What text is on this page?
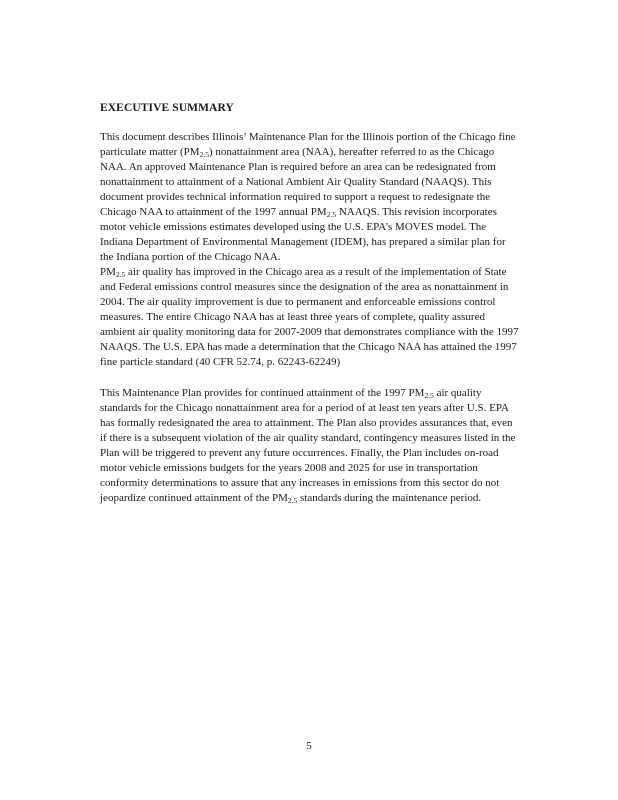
EXECUTIVE SUMMARY

This document describes Illinois’ Maintenance Plan for the Illinois portion of the Chicago fine particulate matter $(PM_{2.5})$ nonattainment area (NAA), hereafter referred to as the Chicago NAA. An approved Maintenance Plan is required before an area can be redesignated from nonattainment to attainment of a National Ambient Air Quality Standard (NAAQS). This document provides technical information required to support a request to redesignate the Chicago NAA to attainment of the 1997 annual $PM_{2.5}$ NAAQS. This revision incorporates motor vehicle emissions estimates developed using the U.S. EPA’s MOVES model. The Indiana Department of Environmental Management (IDEM), has prepared a similar plan for the Indiana portion of the Chicago NAA.

$PM_{2.5}$ air quality has improved in the Chicago area as a result of the implementation of State and Federal emissions control measures since the designation of the area as nonattainment in 2004. The air quality improvement is due to permanent and enforceable emissions control measures. The entire Chicago NAA has at least three years of complete, quality assured ambient air quality monitoring data for 2007-2009 that demonstrates compliance with the 1997 NAAQS. The U.S. EPA has made a determination that the Chicago NAA has attained the 1997 fine particle standard (40 CFR 52.74, p. 62243-62249)

This Maintenance Plan provides for continued attainment of the 1997 $PM_{2.5}$ air quality standards for the Chicago nonattainment area for a period of at least ten years after U.S. EPA has formally redesignated the area to attainment. The Plan also provides assurances that, even if there is a subsequent violation of the air quality standard, contingency measures listed in the Plan will be triggered to prevent any future occurrences. Finally, the Plan includes on-road motor vehicle emissions budgets for the years 2008 and 2025 for use in transportation conformity determinations to assure that any increases in emissions from this sector do not jeopardize continued attainment of the $PM_{2.5}$ standards during the maintenance period.

5
